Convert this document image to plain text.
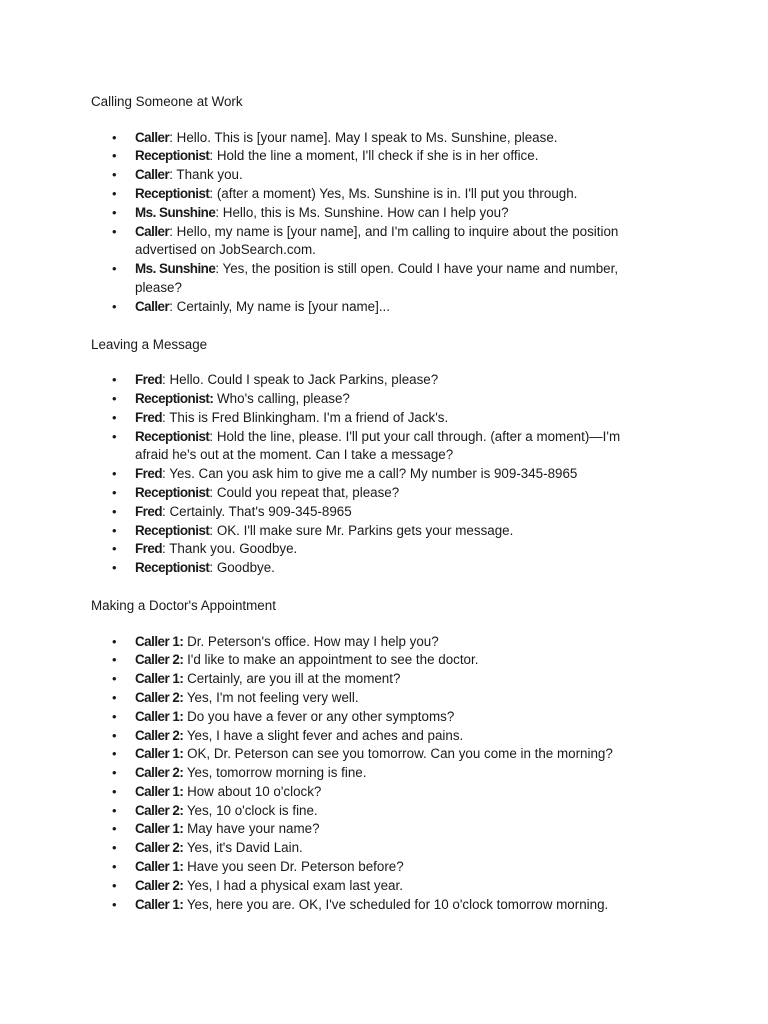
Calling Someone at Work

• Caller: Hello. This is [your name]. May I speak to Ms. Sunshine, please.
• Receptionist: Hold the line a moment, I'll check if she is in her office.
• Caller: Thank you.
• Receptionist: (after a moment) Yes, Ms. Sunshine is in. I'll put you through.
• Ms. Sunshine: Hello, this is Ms. Sunshine. How can I help you?
• Caller: Hello, my name is [your name], and I'm calling to inquire about the position advertised on JobSearch.com.
• Ms. Sunshine: Yes, the position is still open. Could I have your name and number, please?
• Caller: Certainly, My name is [your name]...

Leaving a Message

• Fred: Hello. Could I speak to Jack Parkins, please?
• Receptionist: Who's calling, please?
• Fred: This is Fred Blinkingham. I'm a friend of Jack's.
• Receptionist: Hold the line, please. I'll put your call through. (after a moment)—I'm afraid he's out at the moment. Can I take a message?
• Fred: Yes. Can you ask him to give me a call? My number is 909-345-8965
• Receptionist: Could you repeat that, please?
• Fred: Certainly. That's 909-345-8965
• Receptionist: OK. I'll make sure Mr. Parkins gets your message.
• Fred: Thank you. Goodbye.
• Receptionist: Goodbye.

Making a Doctor's Appointment

• Caller 1: Dr. Peterson's office. How may I help you?
• Caller 2: I'd like to make an appointment to see the doctor.
• Caller 1: Certainly, are you ill at the moment?
• Caller 2: Yes, I'm not feeling very well.
• Caller 1: Do you have a fever or any other symptoms?
• Caller 2: Yes, I have a slight fever and aches and pains.
• Caller 1: OK, Dr. Peterson can see you tomorrow. Can you come in the morning?
• Caller 2: Yes, tomorrow morning is fine.
• Caller 1: How about 10 o'clock?
• Caller 2: Yes, 10 o'clock is fine.
• Caller 1: May have your name?
• Caller 2: Yes, it's David Lain.
• Caller 1: Have you seen Dr. Peterson before?
• Caller 2: Yes, I had a physical exam last year.
• Caller 1: Yes, here you are. OK, I've scheduled for 10 o'clock tomorrow morning.
